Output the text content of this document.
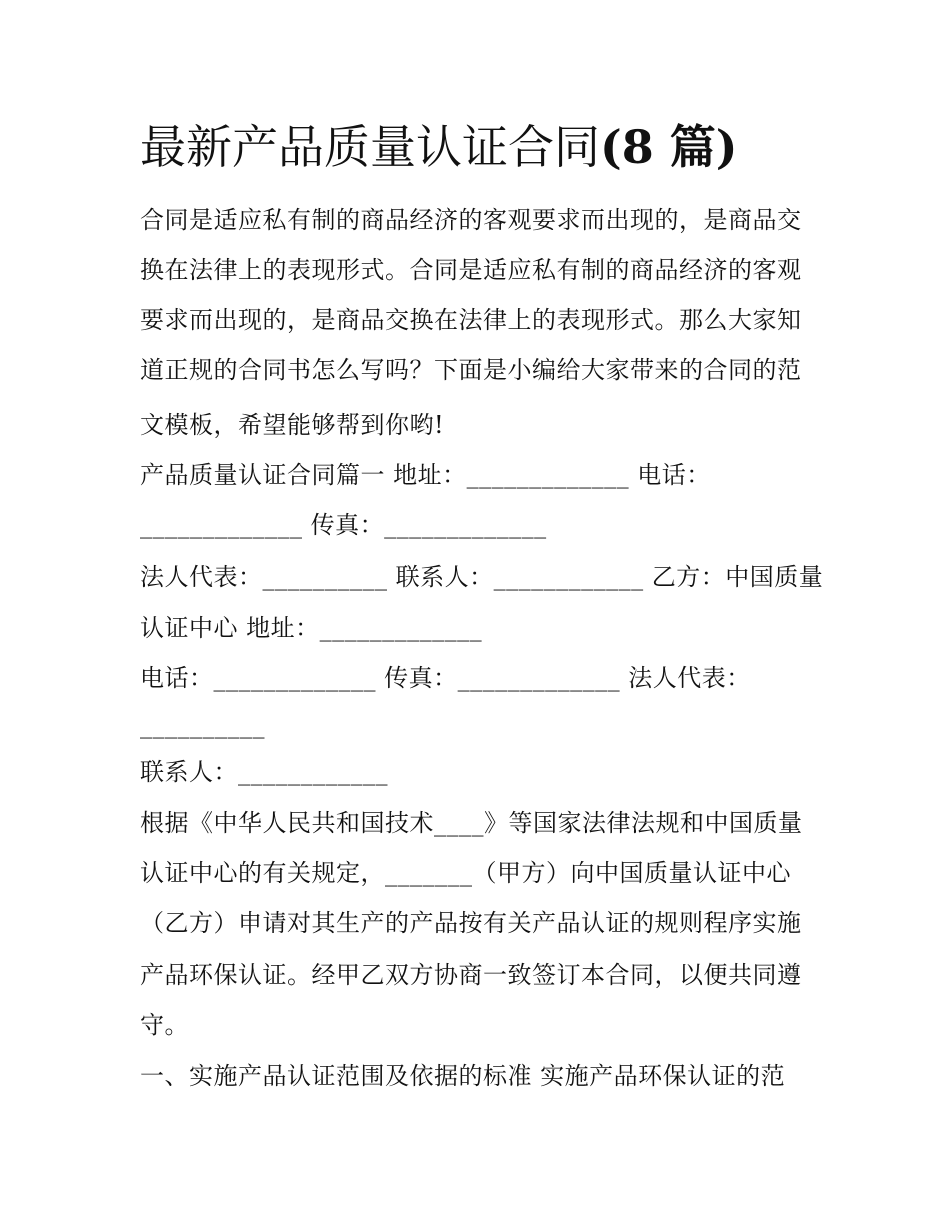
最新产品质量认证合同(8 篇)
合同是适应私有制的商品经济的客观要求而出现的，是商品交
换在法律上的表现形式。合同是适应私有制的商品经济的客观
要求而出现的，是商品交换在法律上的表现形式。那么大家知
道正规的合同书怎么写吗？下面是小编给大家带来的合同的范
文模板，希望能够帮到你哟!
产品质量认证合同篇一 地址：_____________ 电话：
_____________ 传真：_____________
法人代表：__________ 联系人：____________ 乙方：中国质量
认证中心 地址：_____________
电话：_____________ 传真：_____________ 法人代表：
__________
联系人：____________
根据《中华人民共和国技术____》等国家法律法规和中国质量
认证中心的有关规定，_______（甲方）向中国质量认证中心
（乙方）申请对其生产的产品按有关产品认证的规则程序实施
产品环保认证。经甲乙双方协商一致签订本合同，以便共同遵
守。
一、实施产品认证范围及依据的标准 实施产品环保认证的范
